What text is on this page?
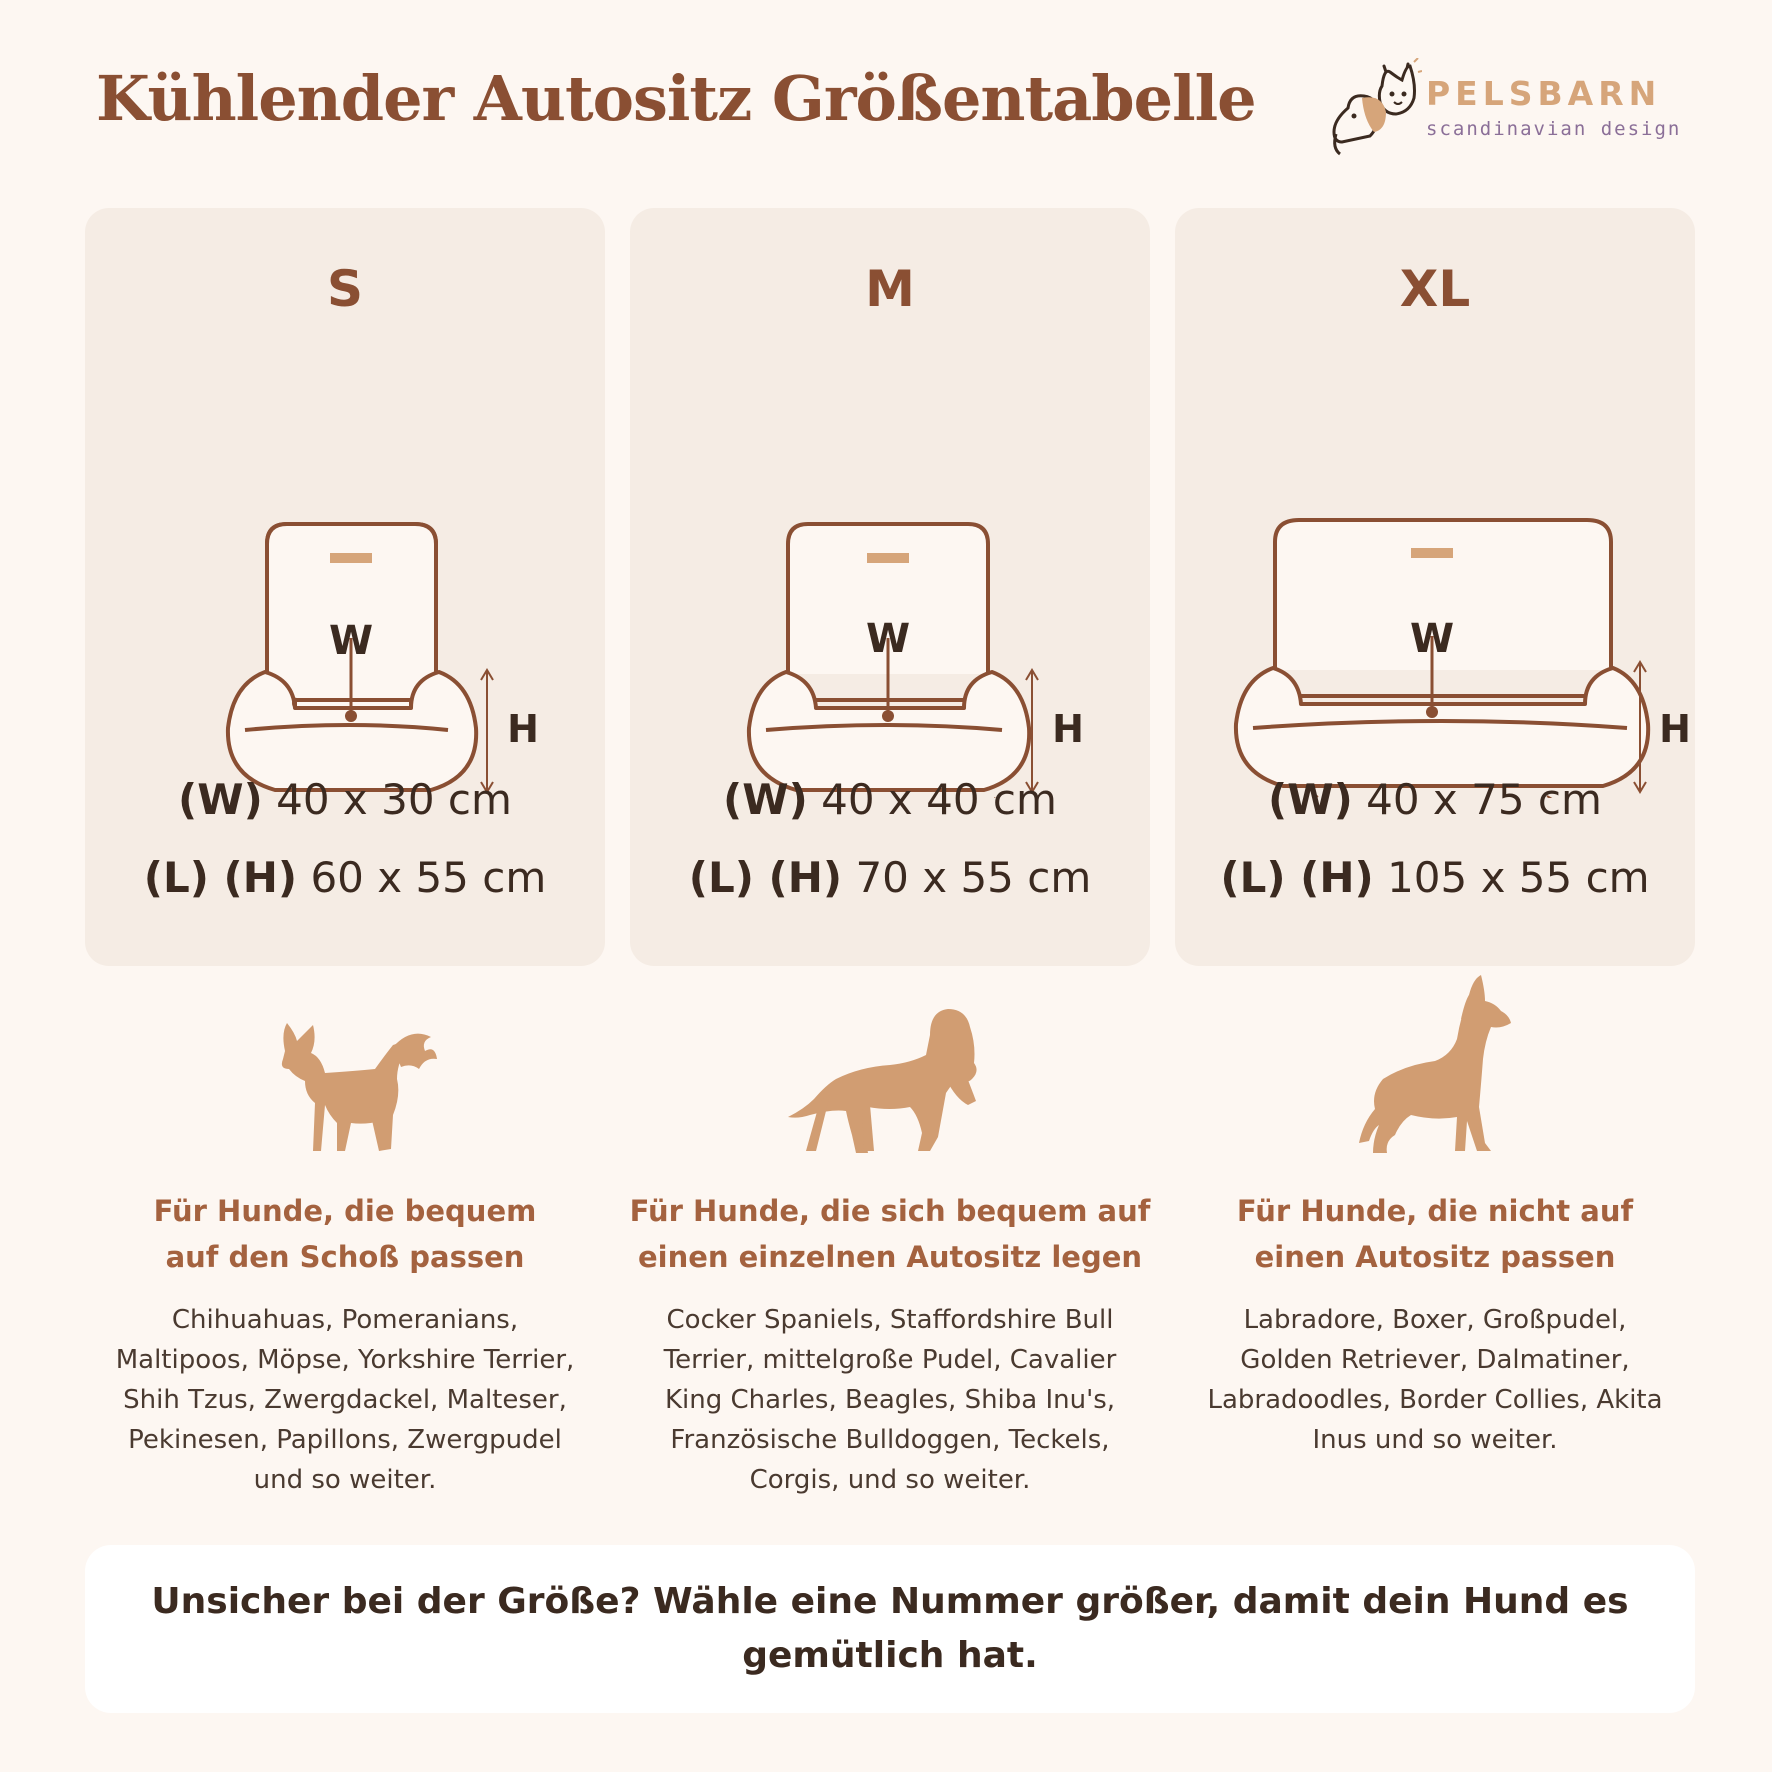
Kühlender Autositz Größentabelle	PELSBARN
scandinavian design
S
W
H
(W) 40 x 30 cm
(L) (H) 60 x 55 cm
M
W
H
(W) 40 x 40 cm
(L) (H) 70 x 55 cm
XL
W
H
(W) 40 x 75 cm
(L) (H) 105 x 55 cm
Für Hunde, die bequem
auf den Schoß passen
Chihuahuas, Pomeranians,
Maltipoos, Möpse, Yorkshire Terrier,
Shih Tzus, Zwergdackel, Malteser,
Pekinesen, Papillons, Zwergpudel
und so weiter.
Für Hunde, die sich bequem auf
einen einzelnen Autositz legen
Cocker Spaniels, Staffordshire Bull
Terrier, mittelgroße Pudel, Cavalier
King Charles, Beagles, Shiba Inu's,
Französische Bulldoggen, Teckels,
Corgis, und so weiter.
Für Hunde, die nicht auf
einen Autositz passen
Labradore, Boxer, Großpudel,
Golden Retriever, Dalmatiner,
Labradoodles, Border Collies, Akita
Inus und so weiter.
Unsicher bei der Größe? Wähle eine Nummer größer, damit dein Hund es
gemütlich hat.
